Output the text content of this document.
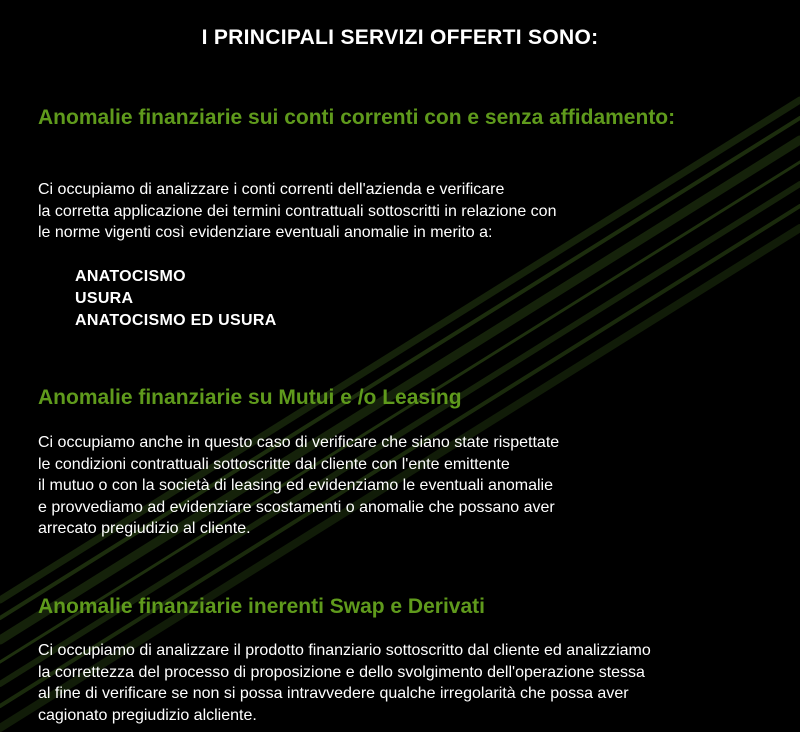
I PRINCIPALI SERVIZI OFFERTI SONO:
Anomalie finanziarie sui conti correnti con e senza affidamento:

Ci occupiamo di analizzare i conti correnti dell'azienda e verificare
la corretta applicazione dei termini contrattuali sottoscritti in relazione con
le norme vigenti così evidenziare eventuali anomalie in merito a:

ANATOCISMO
USURA
ANATOCISMO ED USURA
Anomalie finanziarie su Mutui e /o Leasing

Ci occupiamo anche in questo caso di verificare che siano state rispettate
le condizioni contrattuali sottoscritte dal cliente con l'ente emittente
il mutuo o con la società di leasing ed evidenziamo le eventuali anomalie
e provvediamo ad evidenziare scostamenti o anomalie che possano aver
arrecato pregiudizio al cliente.

Anomalie finanziarie inerenti Swap e Derivati

Ci occupiamo di analizzare il prodotto finanziario sottoscritto dal cliente ed analizziamo
la correttezza del processo di proposizione e dello svolgimento dell'operazione stessa
al fine di verificare se non si possa intravvedere qualche irregolarità che possa aver
cagionato pregiudizio alcliente.
